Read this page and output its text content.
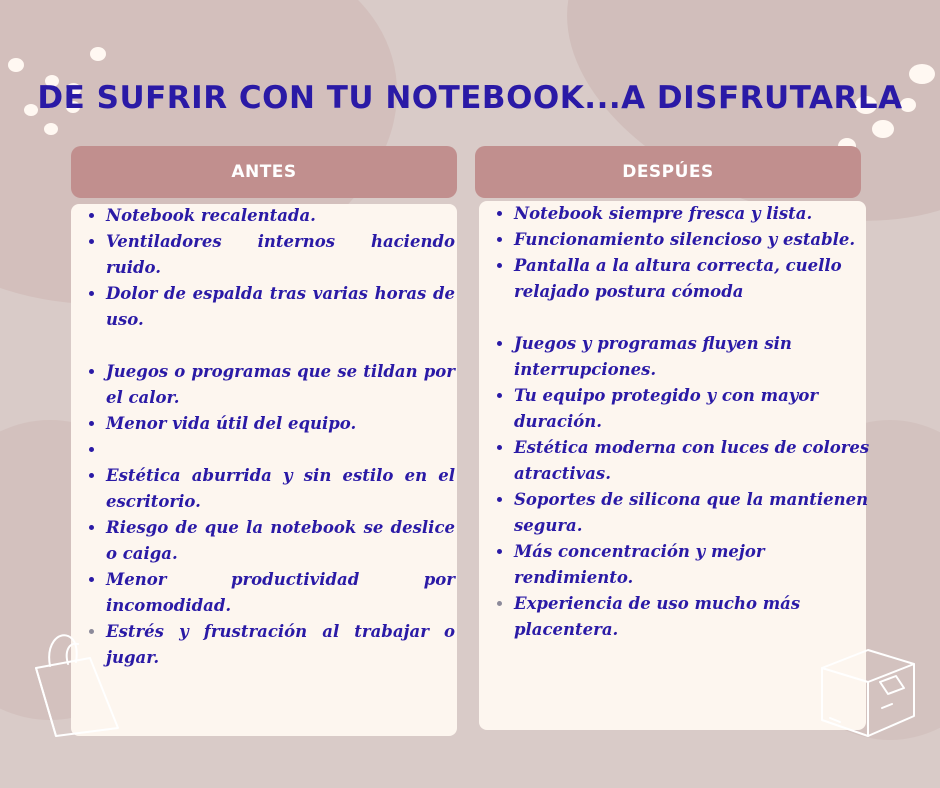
DE SUFRIR CON TU NOTEBOOK...A DISFRUTARLA
ANTES
• Notebook recalentada.
• Ventiladores internos haciendo ruido.
• Dolor de espalda tras varias horas de uso.
• Juegos o programas que se tildan por el calor.
• Menor vida útil del equipo.
•
• Estética aburrida y sin estilo en el escritorio.
• Riesgo de que la notebook se deslice o caiga.
• Menor productividad por incomodidad.
• Estrés y frustración al trabajar o jugar.
DESPÚES
• Notebook siempre fresca y lista.
• Funcionamiento silencioso y estable.
• Pantalla a la altura correcta, cuello relajado postura cómoda
• Juegos y programas fluyen sin interrupciones.
• Tu equipo protegido y con mayor duración.
• Estética moderna con luces de colores atractivas.
• Soportes de silicona que la mantienen segura.
• Más concentración y mejor rendimiento.
• Experiencia de uso mucho más placentera.
